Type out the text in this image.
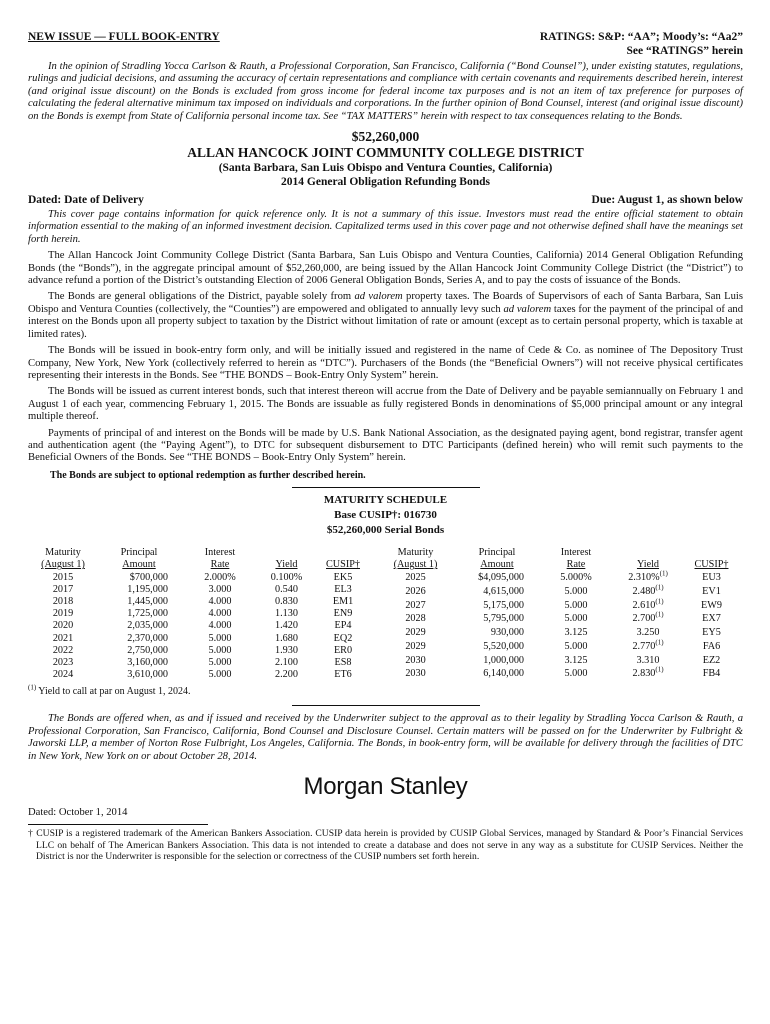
NEW ISSUE — FULL BOOK-ENTRY	RATINGS: S&P: “AA”; Moody’s: “Aa2”
See “RATINGS” herein

In the opinion of Stradling Yocca Carlson & Rauth, a Professional Corporation, San Francisco, California (“Bond Counsel”), under existing statutes, regulations, rulings and judicial decisions, and assuming the accuracy of certain representations and compliance with certain covenants and requirements described herein, interest (and original issue discount) on the Bonds is excluded from gross income for federal income tax purposes and is not an item of tax preference for purposes of calculating the federal alternative minimum tax imposed on individuals and corporations. In the further opinion of Bond Counsel, interest (and original issue discount) on the Bonds is exempt from State of California personal income tax. See “TAX MATTERS” herein with respect to tax consequences relating to the Bonds.

$52,260,000
ALLAN HANCOCK JOINT COMMUNITY COLLEGE DISTRICT
(Santa Barbara, San Luis Obispo and Ventura Counties, California)
2014 General Obligation Refunding Bonds
Dated: Date of Delivery	Due: August 1, as shown below

This cover page contains information for quick reference only. It is not a summary of this issue. Investors must read the entire official statement to obtain information essential to the making of an informed investment decision. Capitalized terms used in this cover page and not otherwise defined shall have the meanings set forth herein.

The Allan Hancock Joint Community College District (Santa Barbara, San Luis Obispo and Ventura Counties, California) 2014 General Obligation Refunding Bonds (the “Bonds”), in the aggregate principal amount of $52,260,000, are being issued by the Allan Hancock Joint Community College District (the “District”) to advance refund a portion of the District’s outstanding Election of 2006 General Obligation Bonds, Series A, and to pay the costs of issuance of the Bonds.

The Bonds are general obligations of the District, payable solely from ad valorem property taxes. The Boards of Supervisors of each of Santa Barbara, San Luis Obispo and Ventura Counties (collectively, the “Counties”) are empowered and obligated to annually levy such ad valorem taxes for the payment of the principal of and interest on the Bonds upon all property subject to taxation by the District without limitation of rate or amount (except as to certain personal property, which is taxable at limited rates).

The Bonds will be issued in book-entry form only, and will be initially issued and registered in the name of Cede & Co. as nominee of The Depository Trust Company, New York, New York (collectively referred to herein as “DTC”). Purchasers of the Bonds (the “Beneficial Owners”) will not receive physical certificates representing their interests in the Bonds. See “THE BONDS – Book-Entry Only System” herein.

The Bonds will be issued as current interest bonds, such that interest thereon will accrue from the Date of Delivery and be payable semiannually on February 1 and August 1 of each year, commencing February 1, 2015. The Bonds are issuable as fully registered Bonds in denominations of $5,000 principal amount or any integral multiple thereof.

Payments of principal of and interest on the Bonds will be made by U.S. Bank National Association, as the designated paying agent, bond registrar, transfer agent and authentication agent (the “Paying Agent”), to DTC for subsequent disbursement to DTC Participants (defined herein) who will remit such payments to the Beneficial Owners of the Bonds. See “THE BONDS – Book-Entry Only System” herein.

The Bonds are subject to optional redemption as further described herein.

MATURITY SCHEDULE
Base CUSIP†: 016730
$52,260,000 Serial Bonds
Maturity	Principal	Interest		
(August 1)	Amount	Rate	Yield	CUSIP†
2015	$700,000	2.000%	0.100%	EK5
2017	1,195,000	3.000	0.540	EL3
2018	1,445,000	4.000	0.830	EM1
2019	1,725,000	4.000	1.130	EN9
2020	2,035,000	4.000	1.420	EP4
2021	2,370,000	5.000	1.680	EQ2
2022	2,750,000	5.000	1.930	ER0
2023	3,160,000	5.000	2.100	ES8
2024	3,610,000	5.000	2.200	ET6
Maturity	Principal	Interest		
(August 1)	Amount	Rate	Yield	CUSIP†
2025	$4,095,000	5.000%	2.310%$^{(1)}$	EU3
2026	4,615,000	5.000	2.480$^{(1)}$	EV1
2027	5,175,000	5.000	2.610$^{(1)}$	EW9
2028	5,795,000	5.000	2.700$^{(1)}$	EX7
2029	930,000	3.125	3.250	EY5
2029	5,520,000	5.000	2.770$^{(1)}$	FA6
2030	1,000,000	3.125	3.310	EZ2
2030	6,140,000	5.000	2.830$^{(1)}$	FB4
$^{(1)}$ Yield to call at par on August 1, 2024.

The Bonds are offered when, as and if issued and received by the Underwriter subject to the approval as to their legality by Stradling Yocca Carlson & Rauth, a Professional Corporation, San Francisco, California, Bond Counsel and Disclosure Counsel. Certain matters will be passed on for the Underwriter by Fulbright & Jaworski LLP, a member of Norton Rose Fulbright, Los Angeles, California. The Bonds, in book-entry form, will be available for delivery through the facilities of DTC in New York, New York on or about October 28, 2014.

Morgan Stanley
Dated: October 1, 2014

† CUSIP is a registered trademark of the American Bankers Association. CUSIP data herein is provided by CUSIP Global Services, managed by Standard & Poor’s Financial Services LLC on behalf of The American Bankers Association. This data is not intended to create a database and does not serve in any way as a substitute for CUSIP Services. Neither the District is nor the Underwriter is responsible for the selection or correctness of the CUSIP numbers set forth herein.
